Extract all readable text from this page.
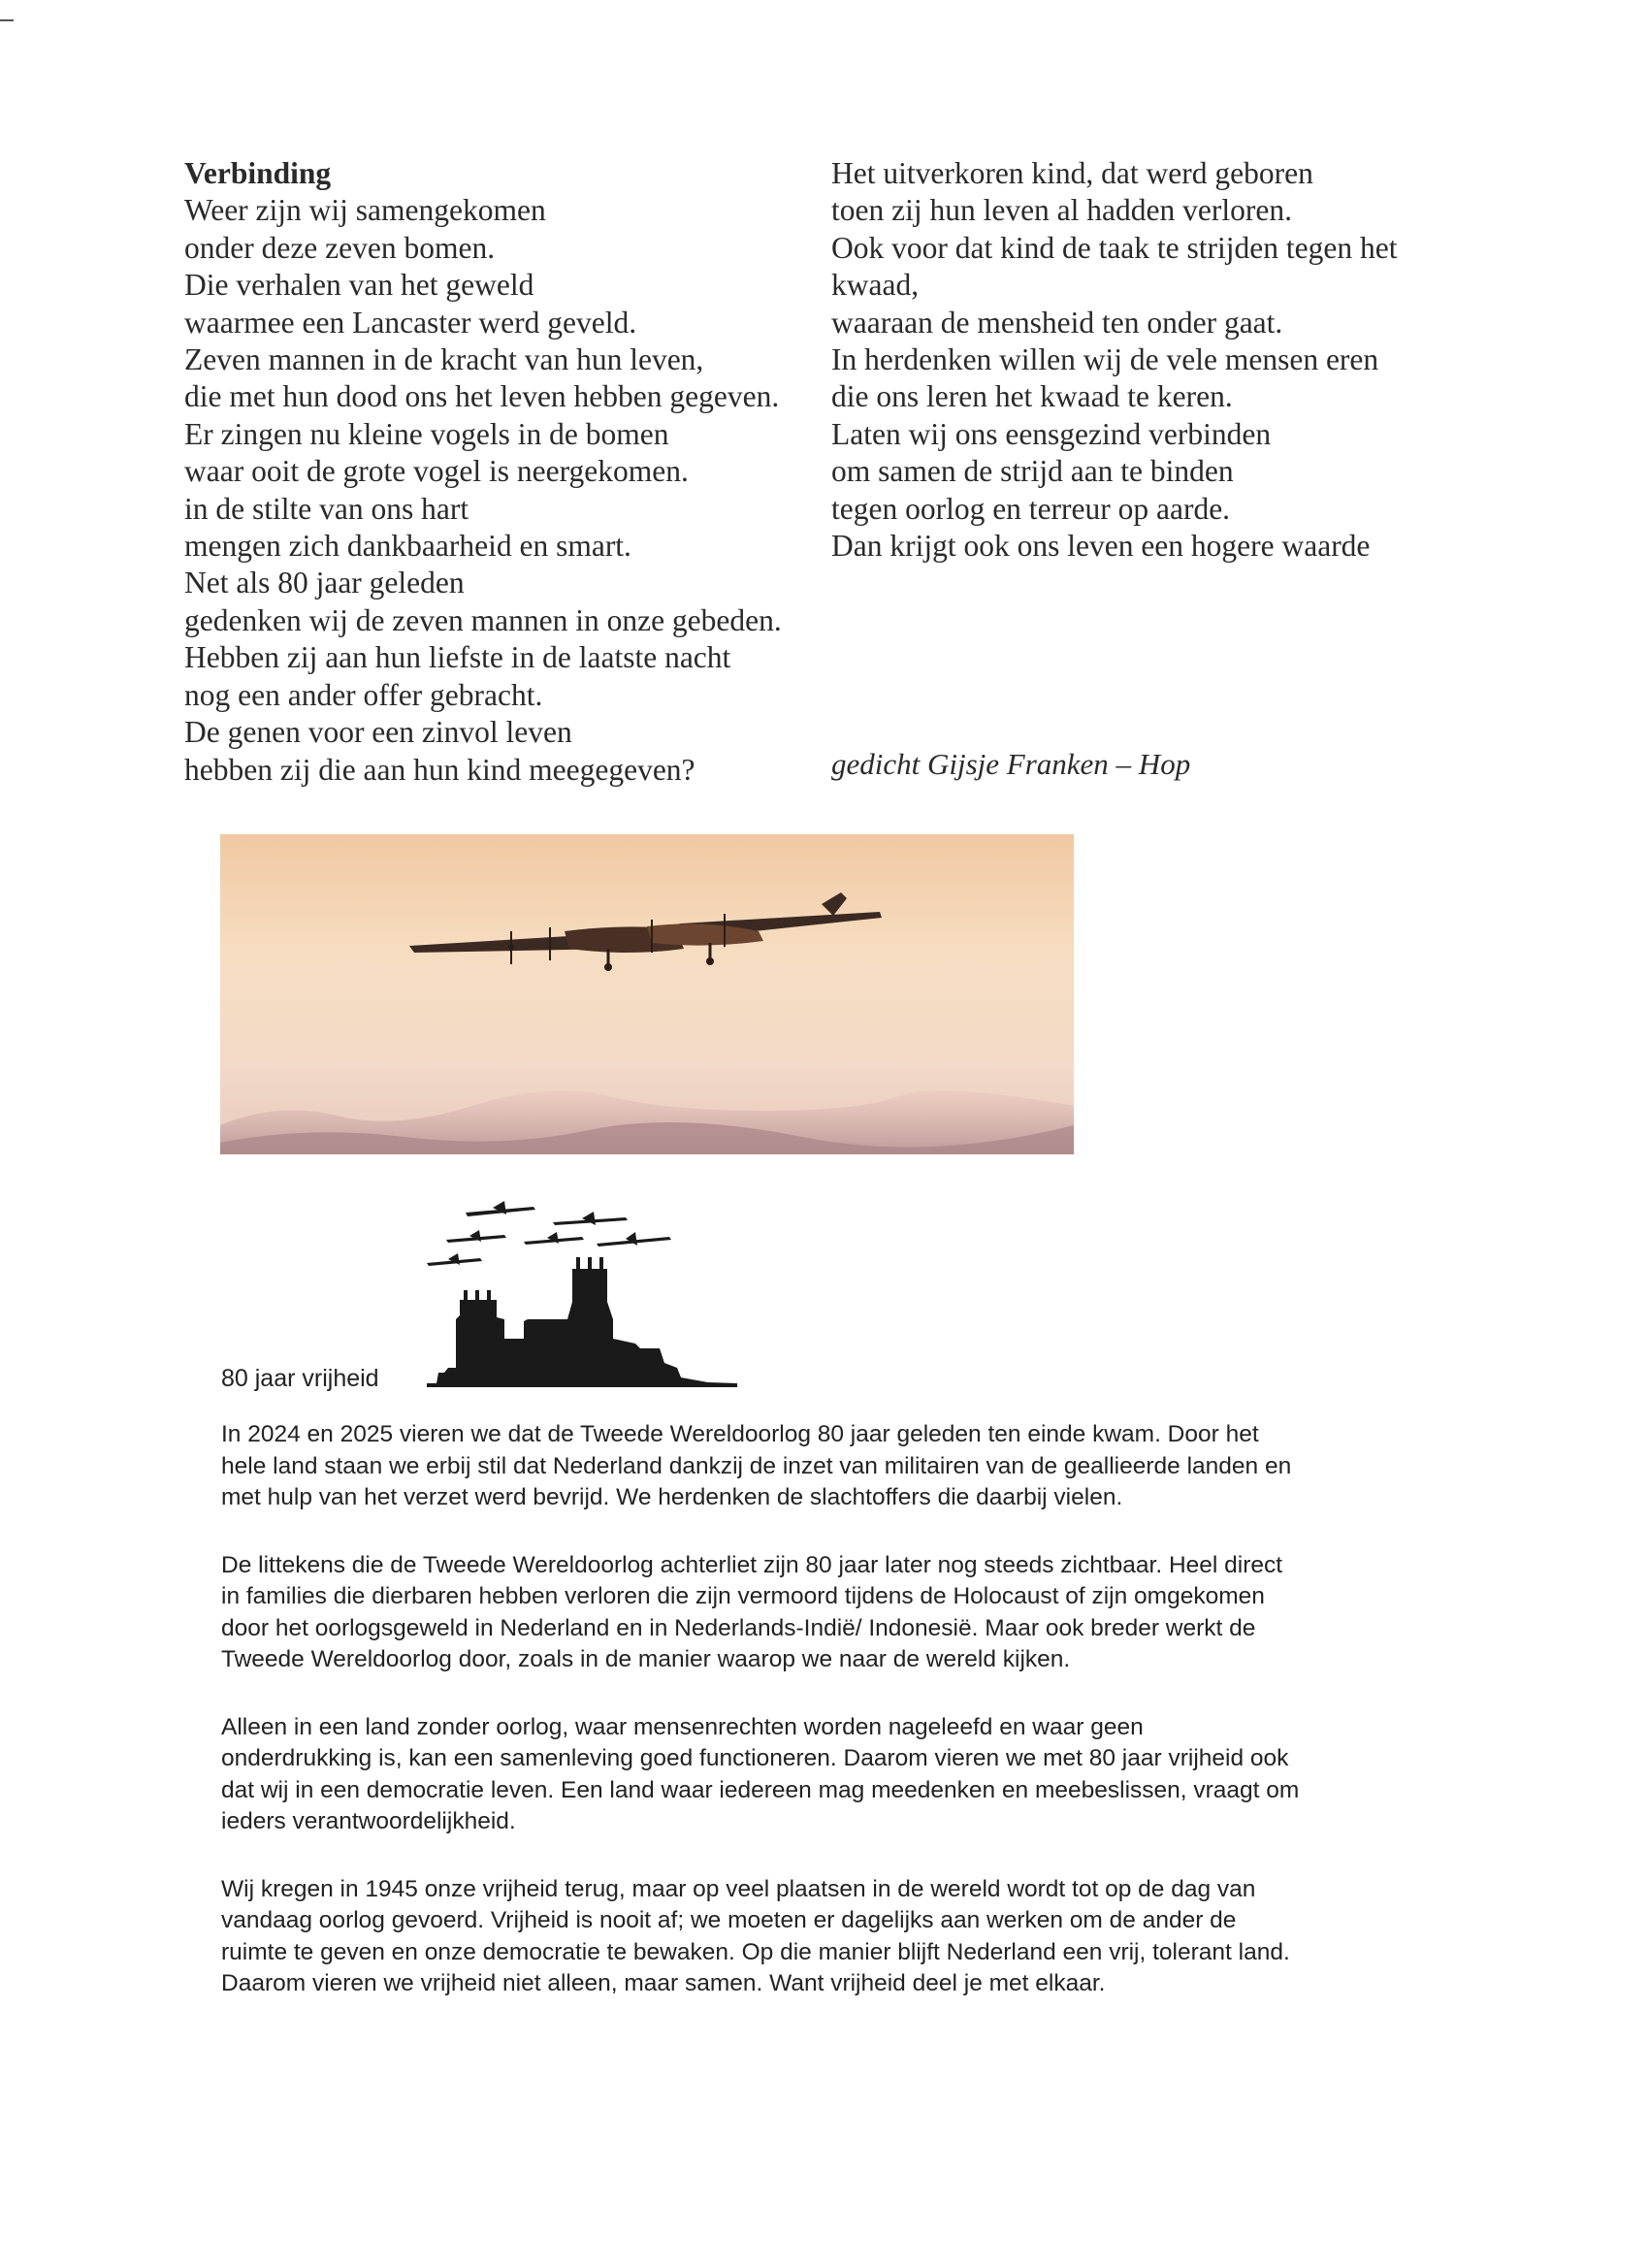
Verbinding
Weer zijn wij samengekomen
onder deze zeven bomen.
Die verhalen van het geweld
waarmee een Lancaster werd geveld.
Zeven mannen in de kracht van hun leven,
die met hun dood ons het leven hebben gegeven.
Er zingen nu kleine vogels in de bomen
waar ooit de grote vogel is neergekomen.
in de stilte van ons hart
mengen zich dankbaarheid en smart.
Net als 80 jaar geleden
gedenken wij de zeven mannen in onze gebeden.
Hebben zij aan hun liefste in de laatste nacht
nog een ander offer gebracht.
De genen voor een zinvol leven
hebben zij die aan hun kind meegegeven?
Het uitverkoren kind, dat werd geboren
toen zij hun leven al hadden verloren.
Ook voor dat kind de taak te strijden tegen het
kwaad,
waaraan de mensheid ten onder gaat.
In herdenken willen wij de vele mensen eren
die ons leren het kwaad te keren.
Laten wij ons eensgezind verbinden
om samen de strijd aan te binden
tegen oorlog en terreur op aarde.
Dan krijgt ook ons leven een hogere waarde
gedicht Gijsje Franken – Hop
80 jaar vrijheid

In 2024 en 2025 vieren we dat de Tweede Wereldoorlog 80 jaar geleden ten einde kwam. Door het
hele land staan we erbij stil dat Nederland dankzij de inzet van militairen van de geallieerde landen en
met hulp van het verzet werd bevrijd. We herdenken de slachtoffers die daarbij vielen.

De littekens die de Tweede Wereldoorlog achterliet zijn 80 jaar later nog steeds zichtbaar. Heel direct
in families die dierbaren hebben verloren die zijn vermoord tijdens de Holocaust of zijn omgekomen
door het oorlogsgeweld in Nederland en in Nederlands-Indië/ Indonesië. Maar ook breder werkt de
Tweede Wereldoorlog door, zoals in de manier waarop we naar de wereld kijken.

Alleen in een land zonder oorlog, waar mensenrechten worden nageleefd en waar geen
onderdrukking is, kan een samenleving goed functioneren. Daarom vieren we met 80 jaar vrijheid ook
dat wij in een democratie leven. Een land waar iedereen mag meedenken en meebeslissen, vraagt om
ieders verantwoordelijkheid.

Wij kregen in 1945 onze vrijheid terug, maar op veel plaatsen in de wereld wordt tot op de dag van
vandaag oorlog gevoerd. Vrijheid is nooit af; we moeten er dagelijks aan werken om de ander de
ruimte te geven en onze democratie te bewaken. Op die manier blijft Nederland een vrij, tolerant land.
Daarom vieren we vrijheid niet alleen, maar samen. Want vrijheid deel je met elkaar.
